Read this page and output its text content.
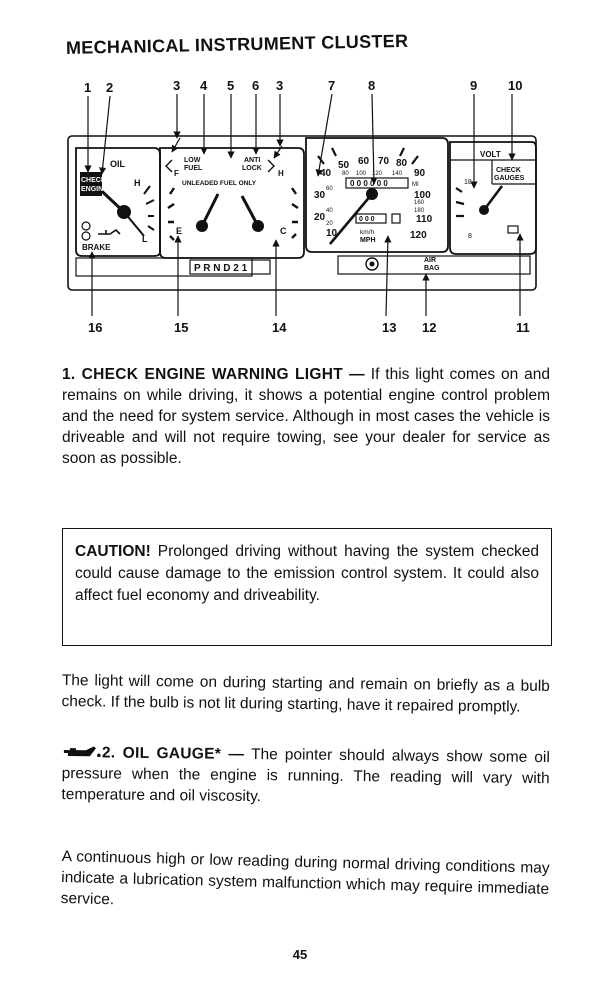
MECHANICAL INSTRUMENT CLUSTER
1 2	3 4 5 6 3	7	8	9 10
16	15	14	13 12	11
OIL
CHECK
ENGINE
H
L
BRAKE
LOW
FUEL
ANTI
LOCK
UNLEADED FUEL ONLY
F
E
H
C
P R N D 2 1
50 60 70 80
40	90
30	100
20	110
10	120
20
40
60
80 100 120 140
160
180
0 0 0 0 0 0	MI
0 0 0
km/h
MPH
AIR
BAG
VOLT
CHECK
GAUGES
18
8

1. CHECK ENGINE WARNING LIGHT — If this light comes on and remains on while driving, it shows a potential engine control problem and the need for system service. Although in most cases the vehicle is driveable and will not require towing, see your dealer for service as soon as possible.

CAUTION! Prolonged driving without having the system checked could cause damage to the emission control system. It could also affect fuel economy and driveability.

The light will come on during starting and remain on briefly as a bulb check. If the bulb is not lit during starting, have it repaired promptly.

2. OIL GAUGE* — The pointer should always show some oil pressure when the engine is running. The reading will vary with temperature and oil viscosity.

A continuous high or low reading during normal driving conditions may indicate a lubrication system malfunction which may require immediate service.

45
